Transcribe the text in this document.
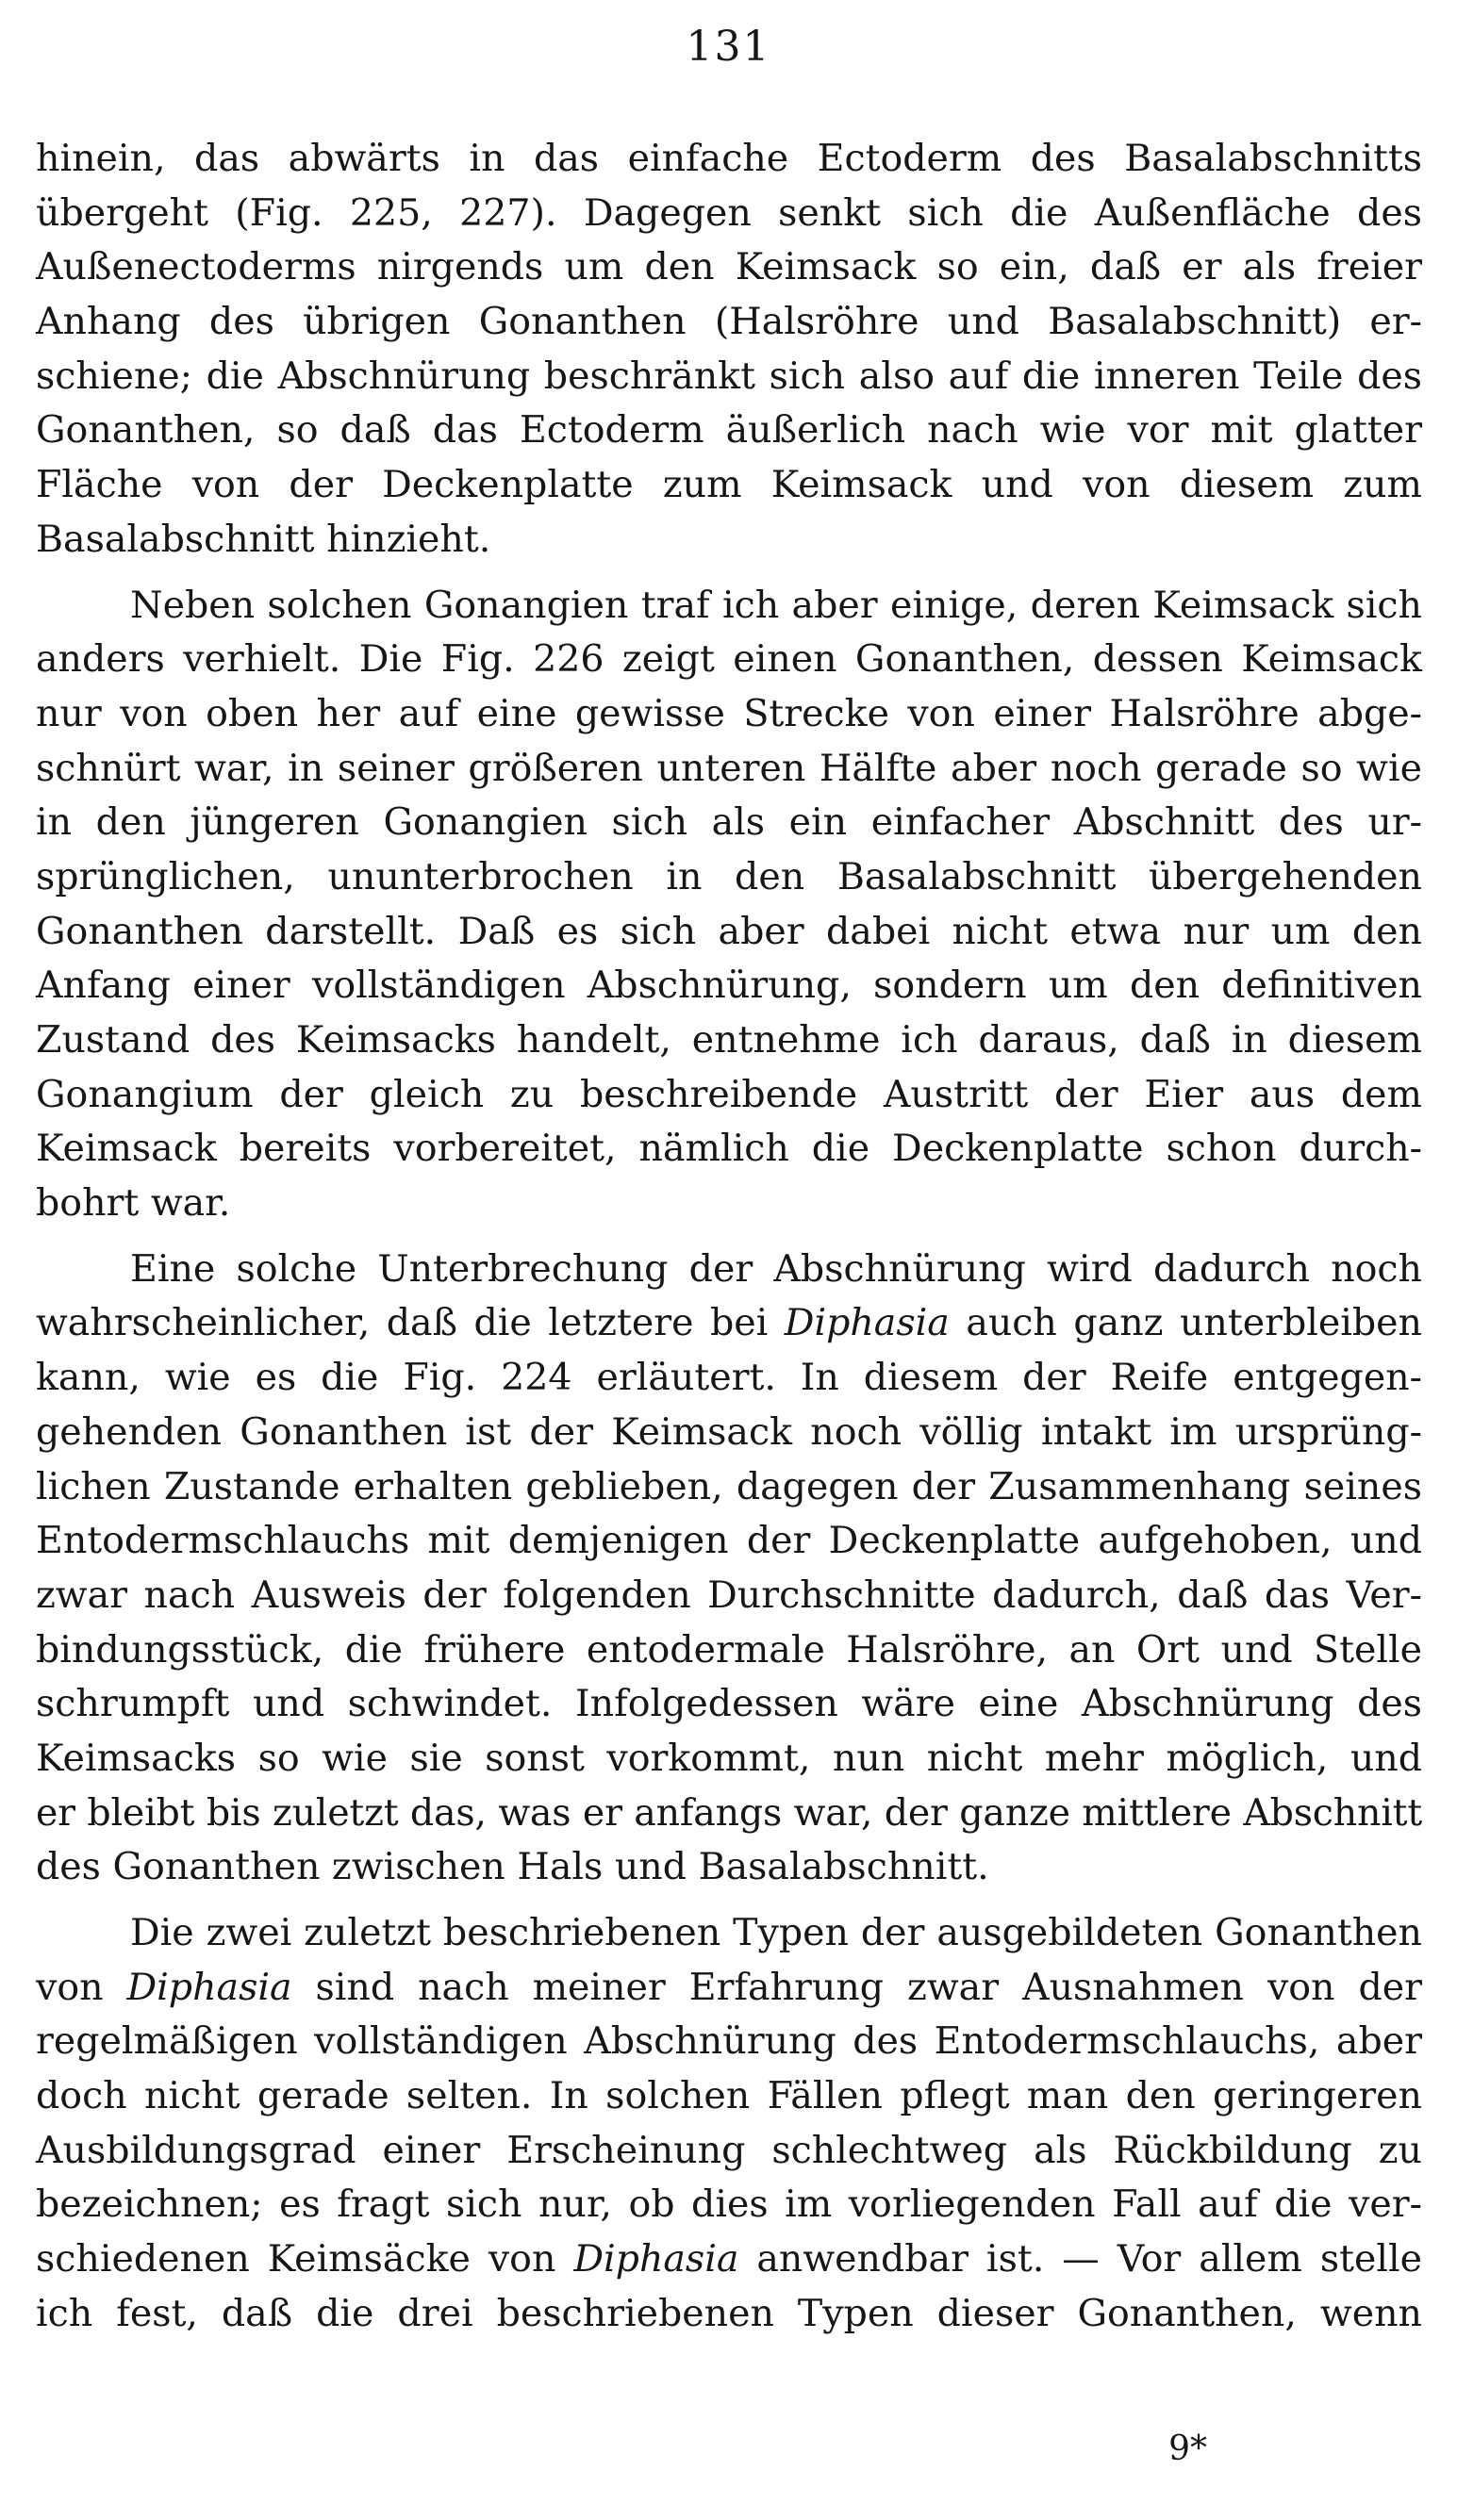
131
hinein, das abwärts in das einfache Ectoderm des Basalabschnitts
übergeht (Fig. 225, 227). Dagegen senkt sich die Außenfläche des
Außenectoderms nirgends um den Keimsack so ein, daß er als freier
Anhang des übrigen Gonanthen (Halsröhre und Basalabschnitt) er-
schiene; die Abschnürung beschränkt sich also auf die inneren Teile des
Gonanthen, so daß das Ectoderm äußerlich nach wie vor mit glatter
Fläche von der Deckenplatte zum Keimsack und von diesem zum
Basalabschnitt hinzieht.
Neben solchen Gonangien traf ich aber einige, deren Keimsack sich
anders verhielt. Die Fig. 226 zeigt einen Gonanthen, dessen Keimsack
nur von oben her auf eine gewisse Strecke von einer Halsröhre abge-
schnürt war, in seiner größeren unteren Hälfte aber noch gerade so wie
in den jüngeren Gonangien sich als ein einfacher Abschnitt des ur-
sprünglichen, ununterbrochen in den Basalabschnitt übergehenden
Gonanthen darstellt. Daß es sich aber dabei nicht etwa nur um den
Anfang einer vollständigen Abschnürung, sondern um den definitiven
Zustand des Keimsacks handelt, entnehme ich daraus, daß in diesem
Gonangium der gleich zu beschreibende Austritt der Eier aus dem
Keimsack bereits vorbereitet, nämlich die Deckenplatte schon durch-
bohrt war.
Eine solche Unterbrechung der Abschnürung wird dadurch noch
wahrscheinlicher, daß die letztere bei Diphasia auch ganz unterbleiben
kann, wie es die Fig. 224 erläutert. In diesem der Reife entgegen-
gehenden Gonanthen ist der Keimsack noch völlig intakt im ursprüng-
lichen Zustande erhalten geblieben, dagegen der Zusammenhang seines
Entodermschlauchs mit demjenigen der Deckenplatte aufgehoben, und
zwar nach Ausweis der folgenden Durchschnitte dadurch, daß das Ver-
bindungsstück, die frühere entodermale Halsröhre, an Ort und Stelle
schrumpft und schwindet. Infolgedessen wäre eine Abschnürung des
Keimsacks so wie sie sonst vorkommt, nun nicht mehr möglich, und
er bleibt bis zuletzt das, was er anfangs war, der ganze mittlere Abschnitt
des Gonanthen zwischen Hals und Basalabschnitt.
Die zwei zuletzt beschriebenen Typen der ausgebildeten Gonanthen
von Diphasia sind nach meiner Erfahrung zwar Ausnahmen von der
regelmäßigen vollständigen Abschnürung des Entodermschlauchs, aber
doch nicht gerade selten. In solchen Fällen pflegt man den geringeren
Ausbildungsgrad einer Erscheinung schlechtweg als Rückbildung zu
bezeichnen; es fragt sich nur, ob dies im vorliegenden Fall auf die ver-
schiedenen Keimsäcke von Diphasia anwendbar ist. — Vor allem stelle
ich fest, daß die drei beschriebenen Typen dieser Gonanthen, wenn
9*
